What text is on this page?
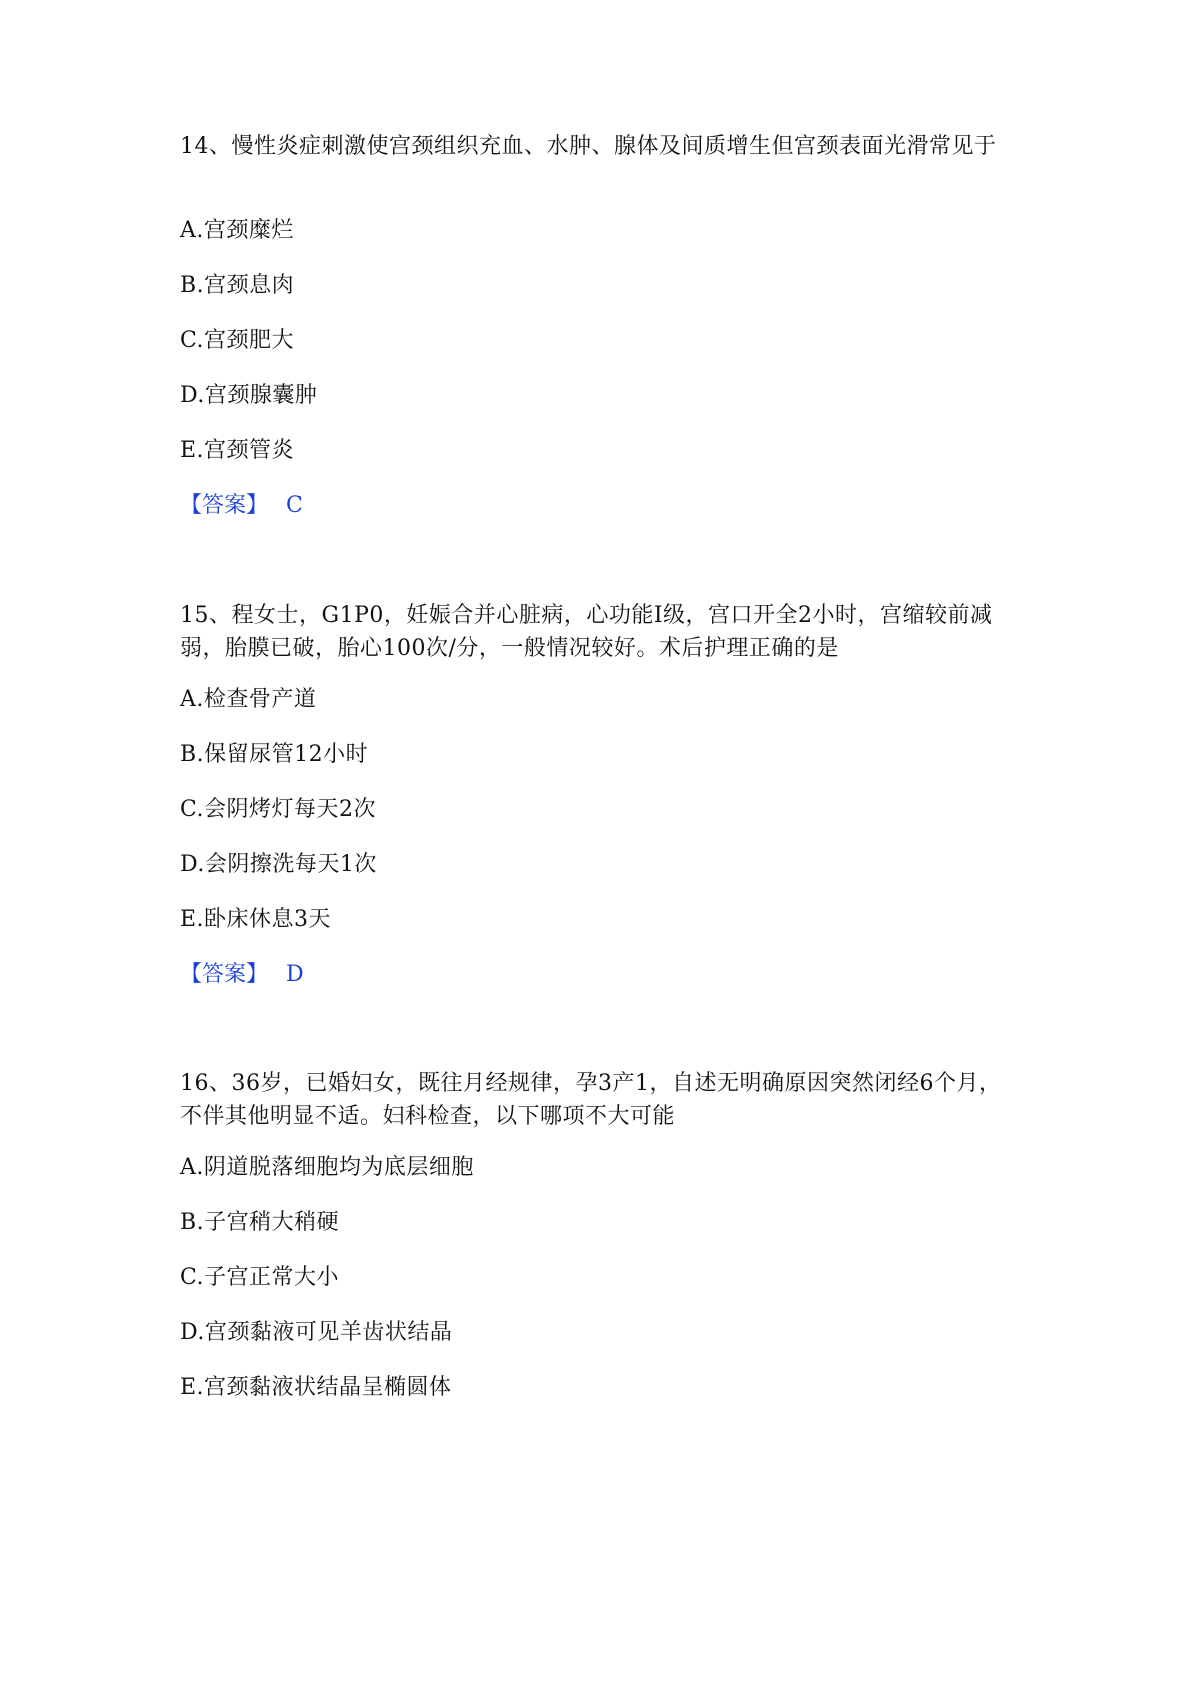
14、慢性炎症刺激使宫颈组织充血、水肿、腺体及间质增生但宫颈表面光滑常见于

A.宫颈糜烂

B.宫颈息肉

C.宫颈肥大

D.宫颈腺囊肿

E.宫颈管炎

【答案】 C

15、程女士，G1P0，妊娠合并心脏病，心功能Ⅰ级，宫口开全2小时，宫缩较前减弱，胎膜已破，胎心100次/分，一般情况较好。术后护理正确的是

A.检查骨产道

B.保留尿管12小时

C.会阴烤灯每天2次

D.会阴擦洗每天1次

E.卧床休息3天

【答案】 D

16、36岁，已婚妇女，既往月经规律，孕3产1，自述无明确原因突然闭经6个月，不伴其他明显不适。妇科检查，以下哪项不大可能

A.阴道脱落细胞均为底层细胞

B.子宫稍大稍硬

C.子宫正常大小

D.宫颈黏液可见羊齿状结晶

E.宫颈黏液状结晶呈椭圆体
